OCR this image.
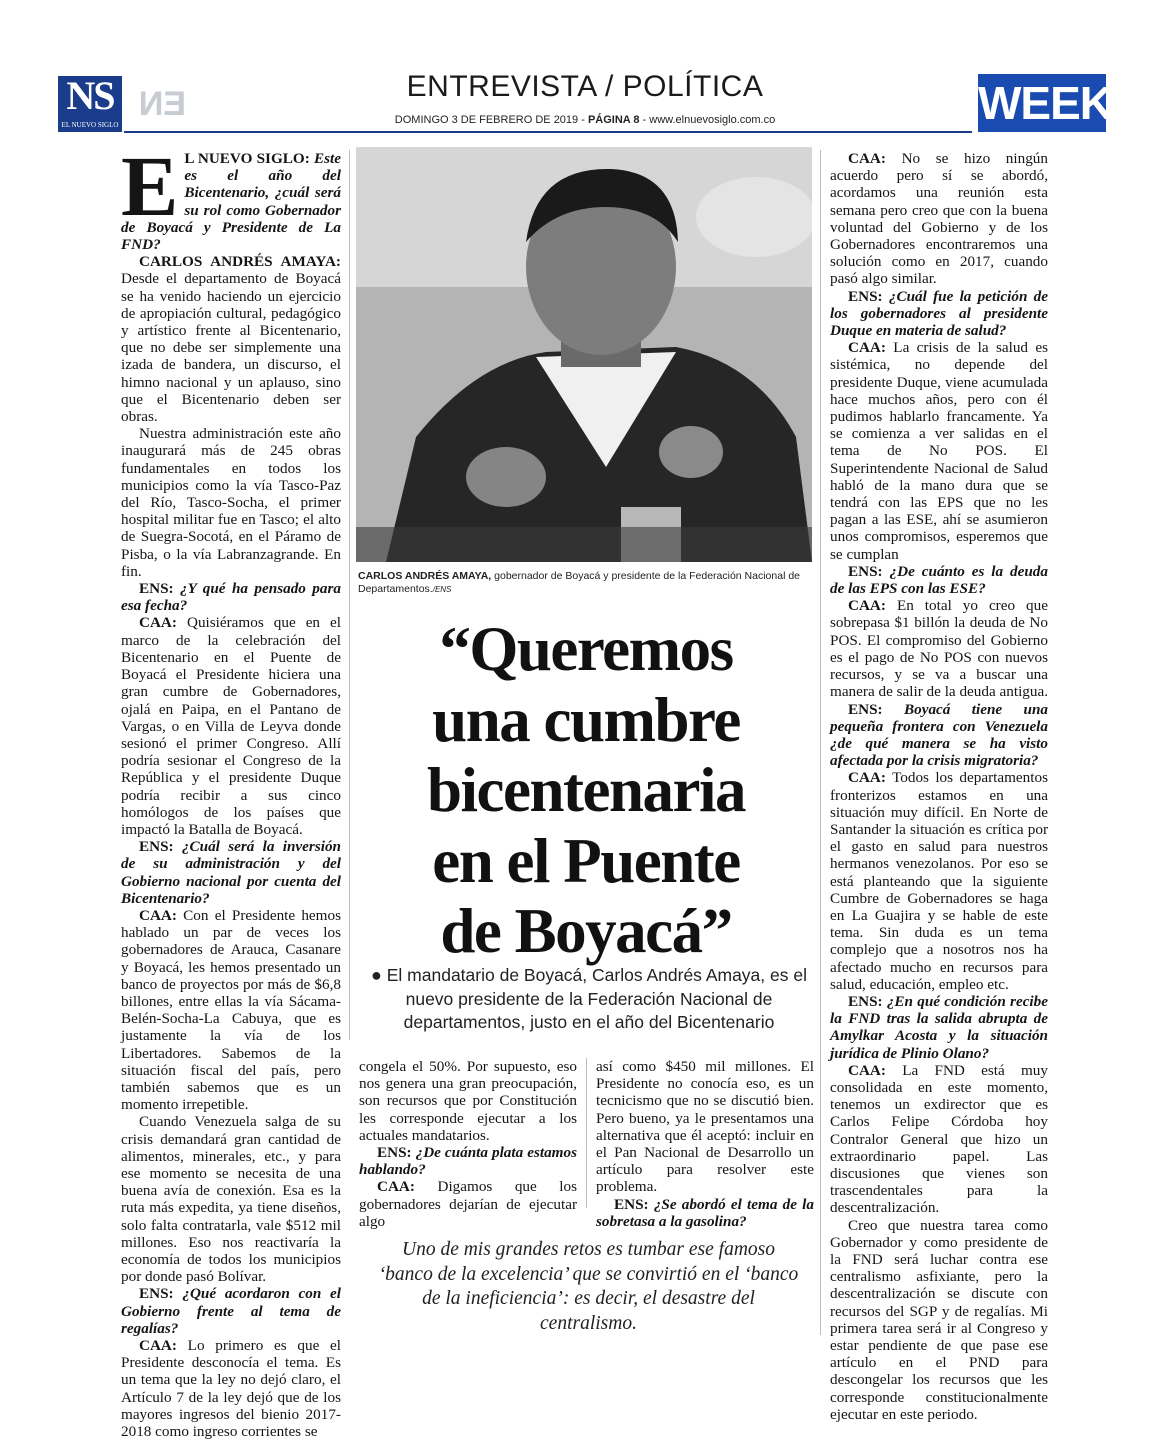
NS
EL NUEVO SIGLO
EN	ENTREVISTA / POLÍTICA
DOMINGO 3 DE FEBRERO DE 2019 - PÁGINA 8 - www.elnuevosiglo.com.co	WEEK

E L NUEVO SIGLO: Este es el año del Bicentenario, ¿cuál será su rol como Gobernador de Boyacá y Presidente de La FND?

CARLOS ANDRÉS AMAYA: Desde el departamento de Boyacá se ha venido haciendo un ejercicio de apropiación cultural, pedagógico y artístico frente al Bicentenario, que no debe ser simplemente una izada de bandera, un discurso, el himno nacional y un aplauso, sino que el Bicentenario deben ser obras.

Nuestra administración este año inaugurará más de 245 obras fundamentales en todos los municipios como la vía Tasco-Paz del Río, Tasco-Socha, el primer hospital militar fue en Tasco; el alto de Suegra-Socotá, en el Páramo de Pisba, o la vía Labranzagrande. En fin.

ENS: ¿Y qué ha pensado para esa fecha?

CAA: Quisiéramos que en el marco de la celebración del Bicentenario en el Puente de Boyacá el Presidente hiciera una gran cumbre de Gobernadores, ojalá en Paipa, en el Pantano de Vargas, o en Villa de Leyva donde sesionó el primer Congreso. Allí podría sesionar el Congreso de la República y el presidente Duque podría recibir a sus cinco homólogos de los países que impactó la Batalla de Boyacá.

ENS: ¿Cuál será la inversión de su administración y del Gobierno nacional por cuenta del Bicentenario?

CAA: Con el Presidente hemos hablado un par de veces los gobernadores de Arauca, Casanare y Boyacá, les hemos presentado un banco de proyectos por más de $6,8 billones, entre ellas la vía Sácama-Belén-Socha-La Cabuya, que es justamente la vía de los Libertadores. Sabemos de la situación fiscal del país, pero también sabemos que es un momento irrepetible.

Cuando Venezuela salga de su crisis demandará gran cantidad de alimentos, minerales, etc., y para ese momento se necesita de una buena avía de conexión. Esa es la ruta más expedita, ya tiene diseños, solo falta contratarla, vale $512 mil millones. Eso nos reactivaría la economía de todos los municipios por donde pasó Bolívar.

ENS: ¿Qué acordaron con el Gobierno frente al tema de regalías?

CAA: Lo primero es que el Presidente desconocía el tema. Es un tema que la ley no dejó claro, el Artículo 7 de la ley dejó que de los mayores ingresos del bienio 2017-2018 como ingreso corrientes se

CARLOS ANDRÉS AMAYA, gobernador de Boyacá y presidente de la Federación Nacional de Departamentos./ENS
“Queremos
una cumbre
bicentenaria
en el Puente
de Boyacá”
● El mandatario de Boyacá, Carlos Andrés Amaya, es el nuevo presidente de la Federación Nacional de departamentos, justo en el año del Bicentenario

congela el 50%. Por supuesto, eso nos genera una gran preocupación, son recursos que por Constitución les corresponde ejecutar a los actuales mandatarios.

ENS: ¿De cuánta plata estamos hablando?

CAA: Digamos que los gobernadores dejarían de ejecutar algo

así como $450 mil millones. El Presidente no conocía eso, es un tecnicismo que no se discutió bien. Pero bueno, ya le presentamos una alternativa que él aceptó: incluir en el Pan Nacional de Desarrollo un artículo para resolver este problema.

ENS: ¿Se abordó el tema de la sobretasa a la gasolina?

Uno de mis grandes retos es tumbar ese famoso ‘banco de la excelencia’ que se convirtió en el ‘banco de la ineficiencia’: es decir, el desastre del centralismo.

CAA: No se hizo ningún acuerdo pero sí se abordó, acordamos una reunión esta semana pero creo que con la buena voluntad del Gobierno y de los Gobernadores encontraremos una solución como en 2017, cuando pasó algo similar.

ENS: ¿Cuál fue la petición de los gobernadores al presidente Duque en materia de salud?

CAA: La crisis de la salud es sistémica, no depende del presidente Duque, viene acumulada hace muchos años, pero con él pudimos hablarlo francamente. Ya se comienza a ver salidas en el tema de No POS. El Superintendente Nacional de Salud habló de la mano dura que se tendrá con las EPS que no les pagan a las ESE, ahí se asumieron unos compromisos, esperemos que se cumplan

ENS: ¿De cuánto es la deuda de las EPS con las ESE?

CAA: En total yo creo que sobrepasa $1 billón la deuda de No POS. El compromiso del Gobierno es el pago de No POS con nuevos recursos, y se va a buscar una manera de salir de la deuda antigua.

ENS: Boyacá tiene una pequeña frontera con Venezuela ¿de qué manera se ha visto afectada por la crisis migratoria?

CAA: Todos los departamentos fronterizos estamos en una situación muy difícil. En Norte de Santander la situación es crítica por el gasto en salud para nuestros hermanos venezolanos. Por eso se está planteando que la siguiente Cumbre de Gobernadores se haga en La Guajira y se hable de este tema. Sin duda es un tema complejo que a nosotros nos ha afectado mucho en recursos para salud, educación, empleo etc.

ENS: ¿En qué condición recibe la FND tras la salida abrupta de Amylkar Acosta y la situación jurídica de Plinio Olano?

CAA: La FND está muy consolidada en este momento, tenemos un exdirector que es Carlos Felipe Córdoba hoy Contralor General que hizo un extraordinario papel. Las discusiones que vienes son trascendentales para la descentralización.

Creo que nuestra tarea como Gobernador y como presidente de la FND será luchar contra ese centralismo asfixiante, pero la descentralización se discute con recursos del SGP y de regalías. Mi primera tarea será ir al Congreso y estar pendiente de que pase ese artículo en el PND para descongelar los recursos que les corresponde constitucionalmente ejecutar en este periodo.
